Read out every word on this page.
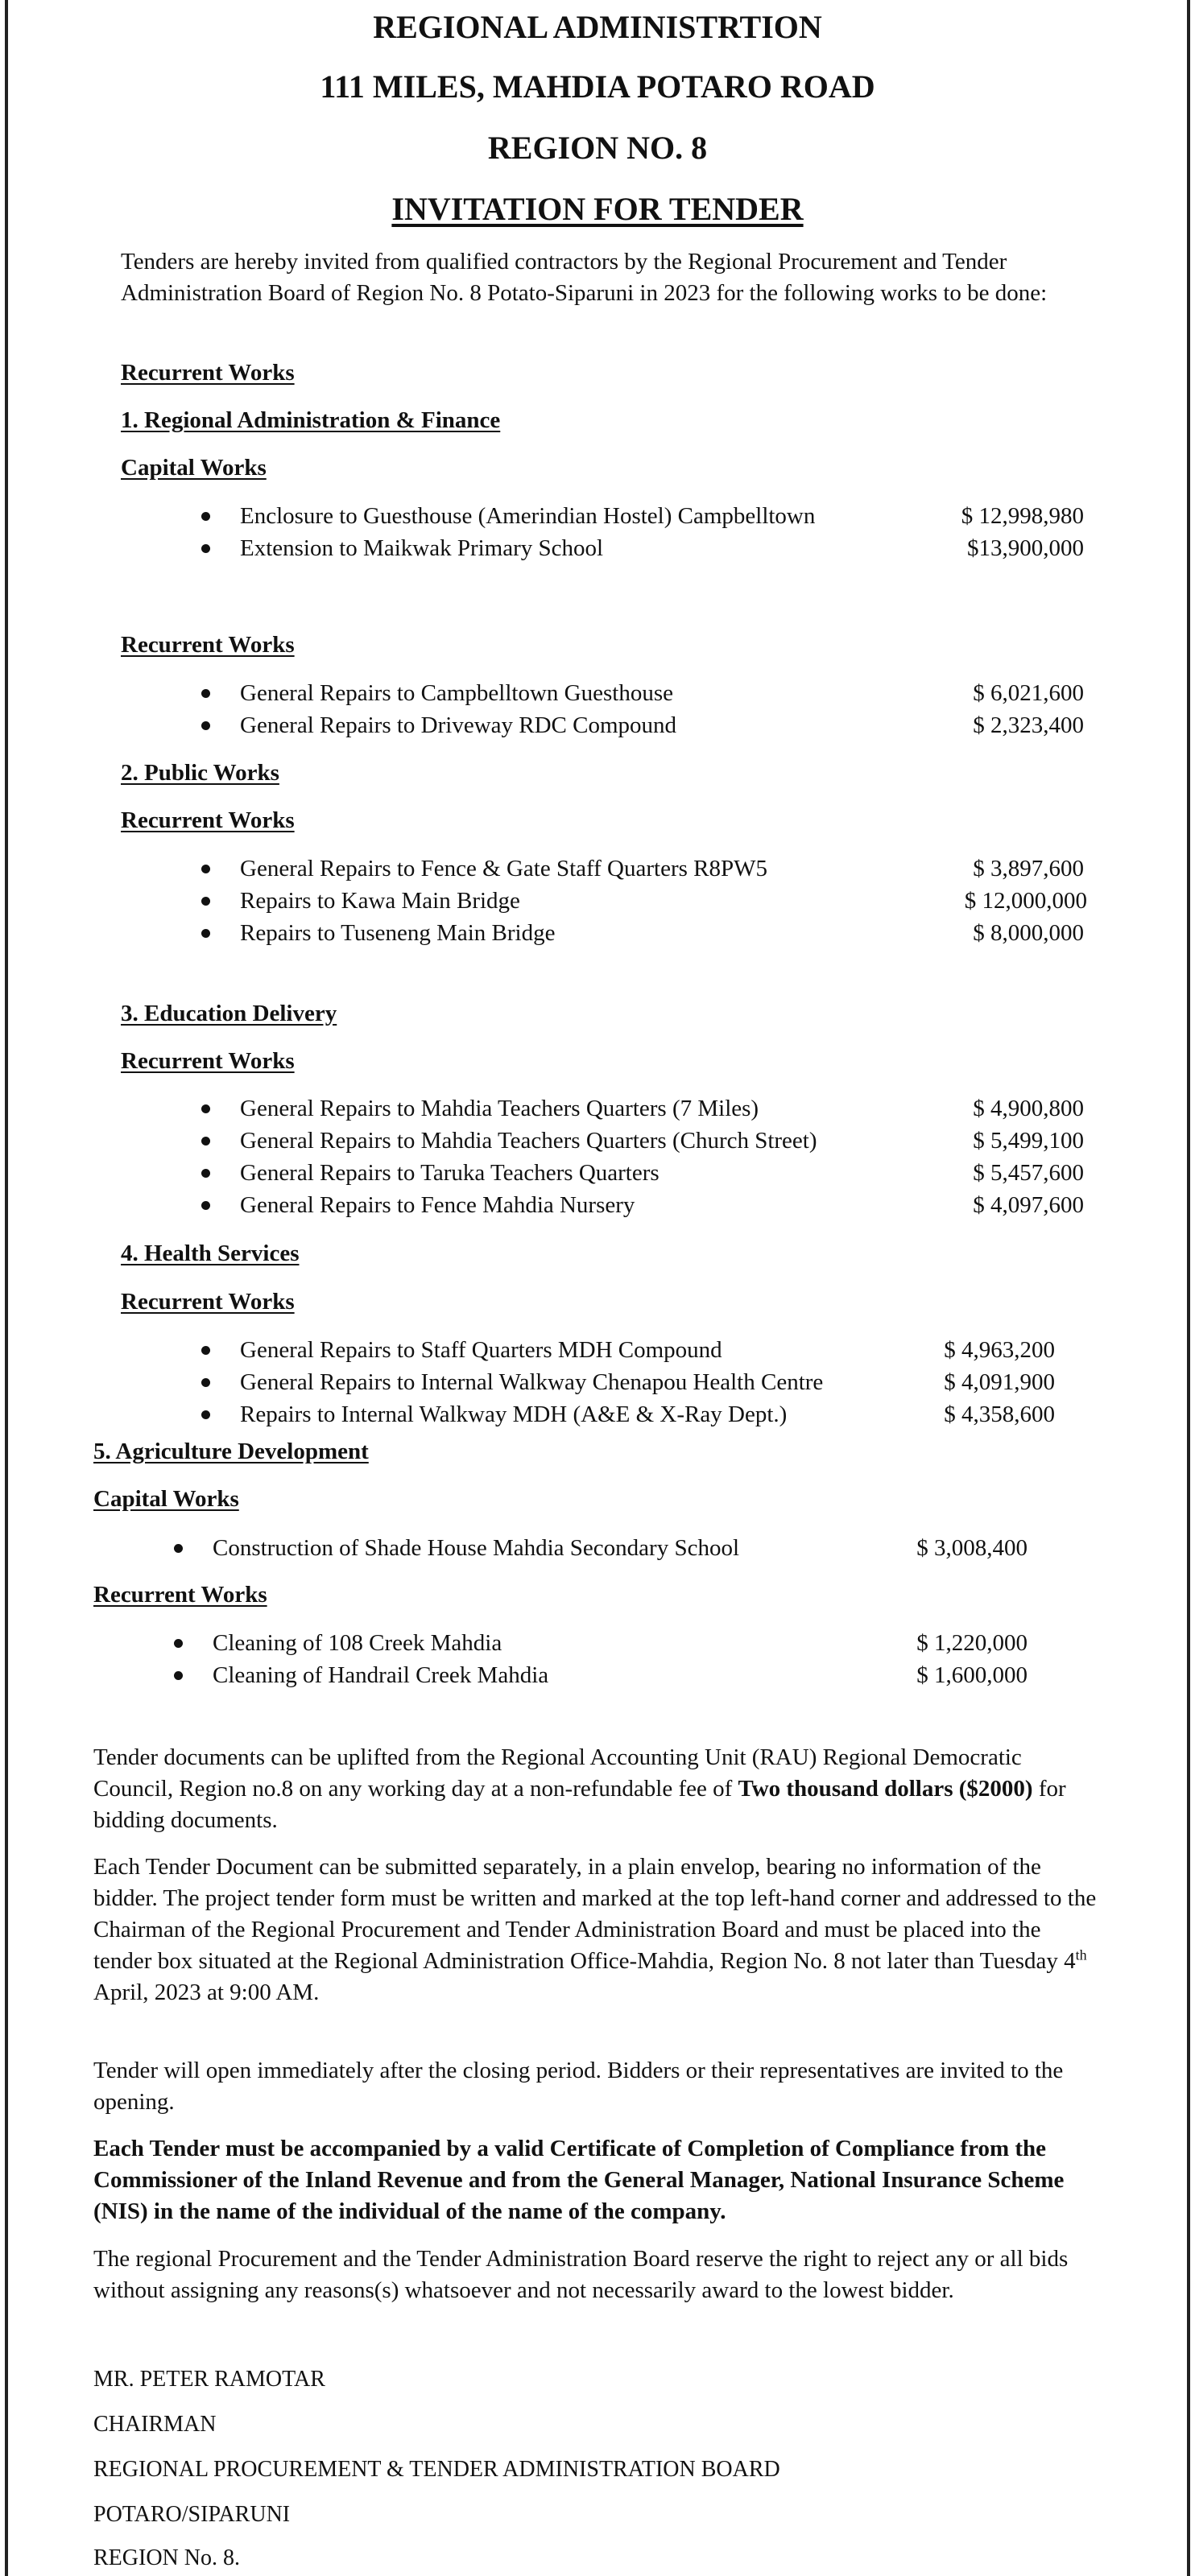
REGIONAL ADMINISTRTION
111 MILES, MAHDIA POTARO ROAD
REGION NO. 8
INVITATION FOR TENDER

Tenders are hereby invited from qualified contractors by the Regional Procurement and Tender Administration Board of Region No. 8 Potato-Siparuni in 2023 for the following works to be done:

Recurrent Works
1. Regional Administration & Finance
Capital Works
Enclosure to Guesthouse (Amerindian Hostel) Campbelltown	$ 12,998,980
Extension to Maikwak Primary School	$13,900,000
Recurrent Works
General Repairs to Campbelltown Guesthouse	$ 6,021,600
General Repairs to Driveway RDC Compound	$ 2,323,400
2. Public Works
Recurrent Works
General Repairs to Fence & Gate Staff Quarters R8PW5	$ 3,897,600
Repairs to Kawa Main Bridge	$ 12,000,000
Repairs to Tuseneng Main Bridge	$ 8,000,000
3. Education Delivery
Recurrent Works
General Repairs to Mahdia Teachers Quarters (7 Miles)	$ 4,900,800
General Repairs to Mahdia Teachers Quarters (Church Street)	$ 5,499,100
General Repairs to Taruka Teachers Quarters	$ 5,457,600
General Repairs to Fence Mahdia Nursery	$ 4,097,600
4. Health Services
Recurrent Works
General Repairs to Staff Quarters MDH Compound	$ 4,963,200
General Repairs to Internal Walkway Chenapou Health Centre	$ 4,091,900
Repairs to Internal Walkway MDH (A&E & X-Ray Dept.)	$ 4,358,600
5. Agriculture Development
Capital Works
Construction of Shade House Mahdia Secondary School	$ 3,008,400
Recurrent Works
Cleaning of 108 Creek Mahdia	$ 1,220,000
Cleaning of Handrail Creek Mahdia	$ 1,600,000

Tender documents can be uplifted from the Regional Accounting Unit (RAU) Regional Democratic Council, Region no.8 on any working day at a non-refundable fee of Two thousand dollars ($2000) for bidding documents.

Each Tender Document can be submitted separately, in a plain envelop, bearing no information of the bidder. The project tender form must be written and marked at the top left-hand corner and addressed to the Chairman of the Regional Procurement and Tender Administration Board and must be placed into the tender box situated at the Regional Administration Office-Mahdia, Region No. 8 not later than Tuesday 4th April, 2023 at 9:00 AM.

Tender will open immediately after the closing period. Bidders or their representatives are invited to the opening.

Each Tender must be accompanied by a valid Certificate of Completion of Compliance from the Commissioner of the Inland Revenue and from the General Manager, National Insurance Scheme (NIS) in the name of the individual of the name of the company.

The regional Procurement and the Tender Administration Board reserve the right to reject any or all bids without assigning any reasons(s) whatsoever and not necessarily award to the lowest bidder.

MR. PETER RAMOTAR
CHAIRMAN
REGIONAL PROCUREMENT & TENDER ADMINISTRATION BOARD
POTARO/SIPARUNI
REGION No. 8.
